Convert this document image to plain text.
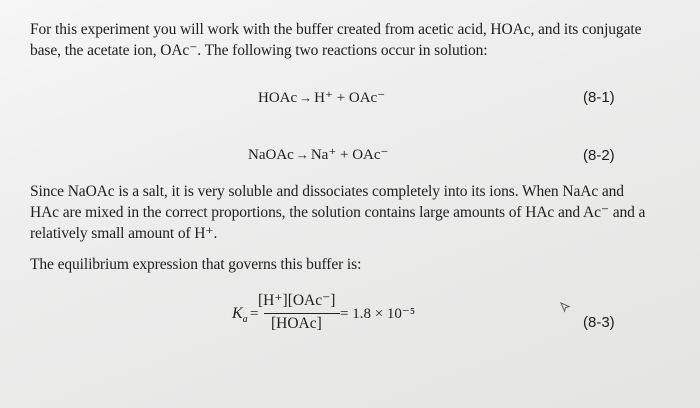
For this experiment you will work with the buffer created from acetic acid, HOAc, and its conjugate base, the acetate ion, OAc⁻. The following two reactions occur in solution:
HOAc → H⁺ + OAc⁻	(8-1)
NaOAc → Na⁺ + OAc⁻	(8-2)
Since NaOAc is a salt, it is very soluble and dissociates completely into its ions. When NaAc and HAc are mixed in the correct proportions, the solution contains large amounts of HAc and Ac⁻ and a relatively small amount of H⁺.
The equilibrium expression that governs this buffer is:
$K_a$ =
[H⁺][OAc⁻]
[HOAc]
= 1.8 × 10⁻⁵	(8-3)
